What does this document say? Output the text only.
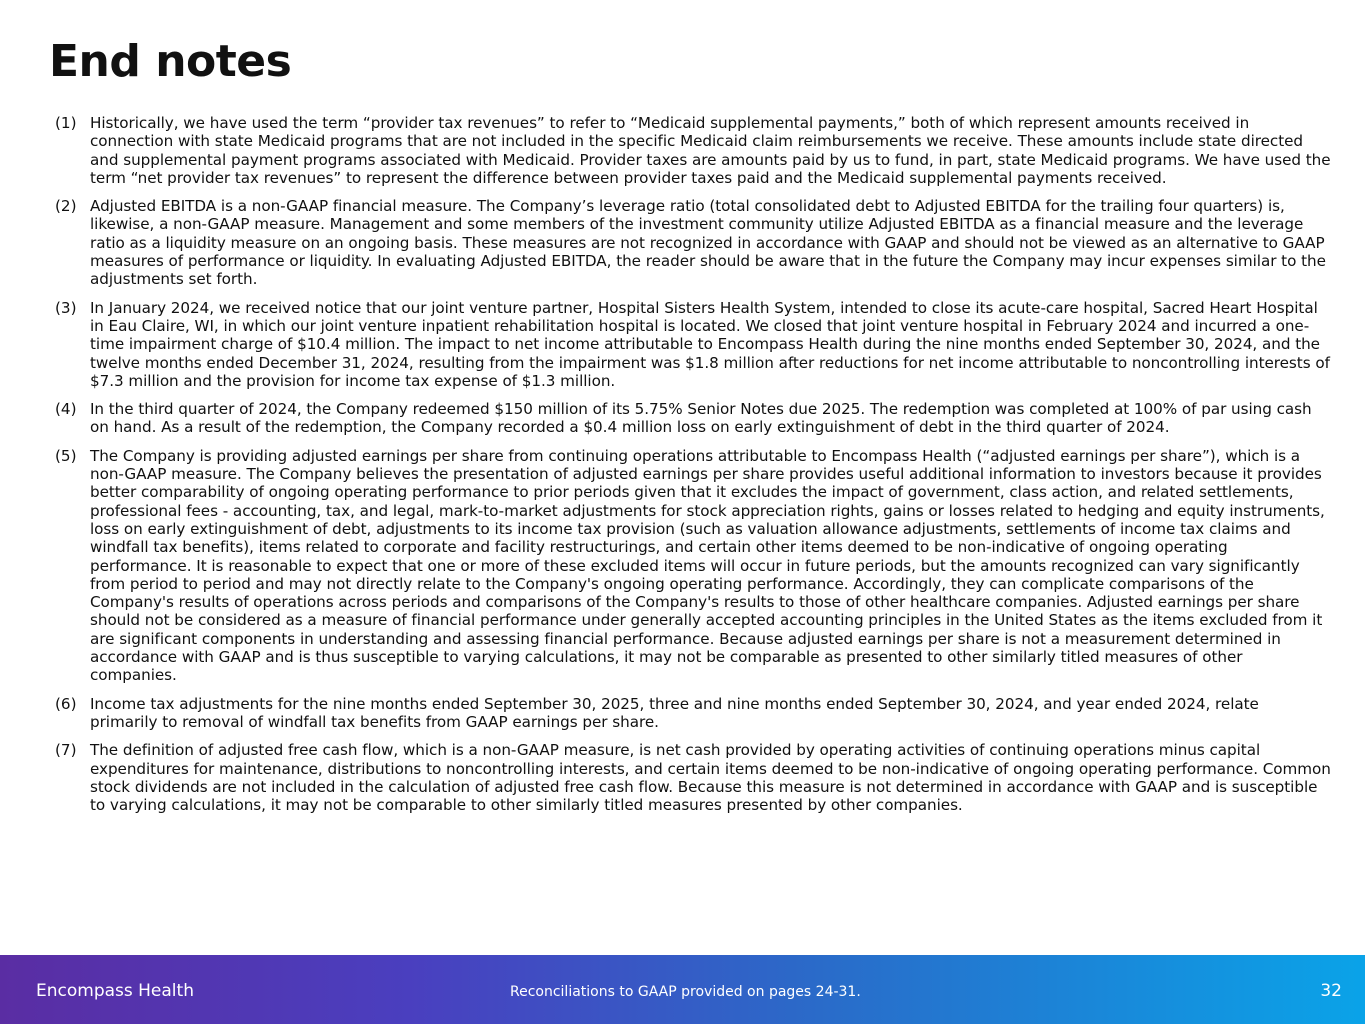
End notes
(1) Historically, we have used the term “provider tax revenues” to refer to “Medicaid supplemental payments,” both of which represent amounts received in connection with state Medicaid programs that are not included in the specific Medicaid claim reimbursements we receive. These amounts include state directed and supplemental payment programs associated with Medicaid. Provider taxes are amounts paid by us to fund, in part, state Medicaid programs. We have used the term “net provider tax revenues” to represent the difference between provider taxes paid and the Medicaid supplemental payments received.
(2) Adjusted EBITDA is a non-GAAP financial measure. The Company’s leverage ratio (total consolidated debt to Adjusted EBITDA for the trailing four quarters) is, likewise, a non-GAAP measure. Management and some members of the investment community utilize Adjusted EBITDA as a financial measure and the leverage ratio as a liquidity measure on an ongoing basis. These measures are not recognized in accordance with GAAP and should not be viewed as an alternative to GAAP measures of performance or liquidity. In evaluating Adjusted EBITDA, the reader should be aware that in the future the Company may incur expenses similar to the adjustments set forth.
(3) In January 2024, we received notice that our joint venture partner, Hospital Sisters Health System, intended to close its acute-care hospital, Sacred Heart Hospital in Eau Claire, WI, in which our joint venture inpatient rehabilitation hospital is located. We closed that joint venture hospital in February 2024 and incurred a one-time impairment charge of $10.4 million. The impact to net income attributable to Encompass Health during the nine months ended September 30, 2024, and the twelve months ended December 31, 2024, resulting from the impairment was $1.8 million after reductions for net income attributable to noncontrolling interests of $7.3 million and the provision for income tax expense of $1.3 million.
(4) In the third quarter of 2024, the Company redeemed $150 million of its 5.75% Senior Notes due 2025. The redemption was completed at 100% of par using cash on hand. As a result of the redemption, the Company recorded a $0.4 million loss on early extinguishment of debt in the third quarter of 2024.
(5) The Company is providing adjusted earnings per share from continuing operations attributable to Encompass Health (“adjusted earnings per share”), which is a non-GAAP measure. The Company believes the presentation of adjusted earnings per share provides useful additional information to investors because it provides better comparability of ongoing operating performance to prior periods given that it excludes the impact of government, class action, and related settlements, professional fees - accounting, tax, and legal, mark-to-market adjustments for stock appreciation rights, gains or losses related to hedging and equity instruments, loss on early extinguishment of debt, adjustments to its income tax provision (such as valuation allowance adjustments, settlements of income tax claims and windfall tax benefits), items related to corporate and facility restructurings, and certain other items deemed to be non-indicative of ongoing operating performance. It is reasonable to expect that one or more of these excluded items will occur in future periods, but the amounts recognized can vary significantly from period to period and may not directly relate to the Company's ongoing operating performance. Accordingly, they can complicate comparisons of the Company's results of operations across periods and comparisons of the Company's results to those of other healthcare companies. Adjusted earnings per share should not be considered as a measure of financial performance under generally accepted accounting principles in the United States as the items excluded from it are significant components in understanding and assessing financial performance. Because adjusted earnings per share is not a measurement determined in accordance with GAAP and is thus susceptible to varying calculations, it may not be comparable as presented to other similarly titled measures of other companies.
(6) Income tax adjustments for the nine months ended September 30, 2025, three and nine months ended September 30, 2024, and year ended 2024, relate primarily to removal of windfall tax benefits from GAAP earnings per share.
(7) The definition of adjusted free cash flow, which is a non-GAAP measure, is net cash provided by operating activities of continuing operations minus capital expenditures for maintenance, distributions to noncontrolling interests, and certain items deemed to be non-indicative of ongoing operating performance. Common stock dividends are not included in the calculation of adjusted free cash flow. Because this measure is not determined in accordance with GAAP and is susceptible to varying calculations, it may not be comparable to other similarly titled measures presented by other companies.
Encompass Health	Reconciliations to GAAP provided on pages 24-31.	32
